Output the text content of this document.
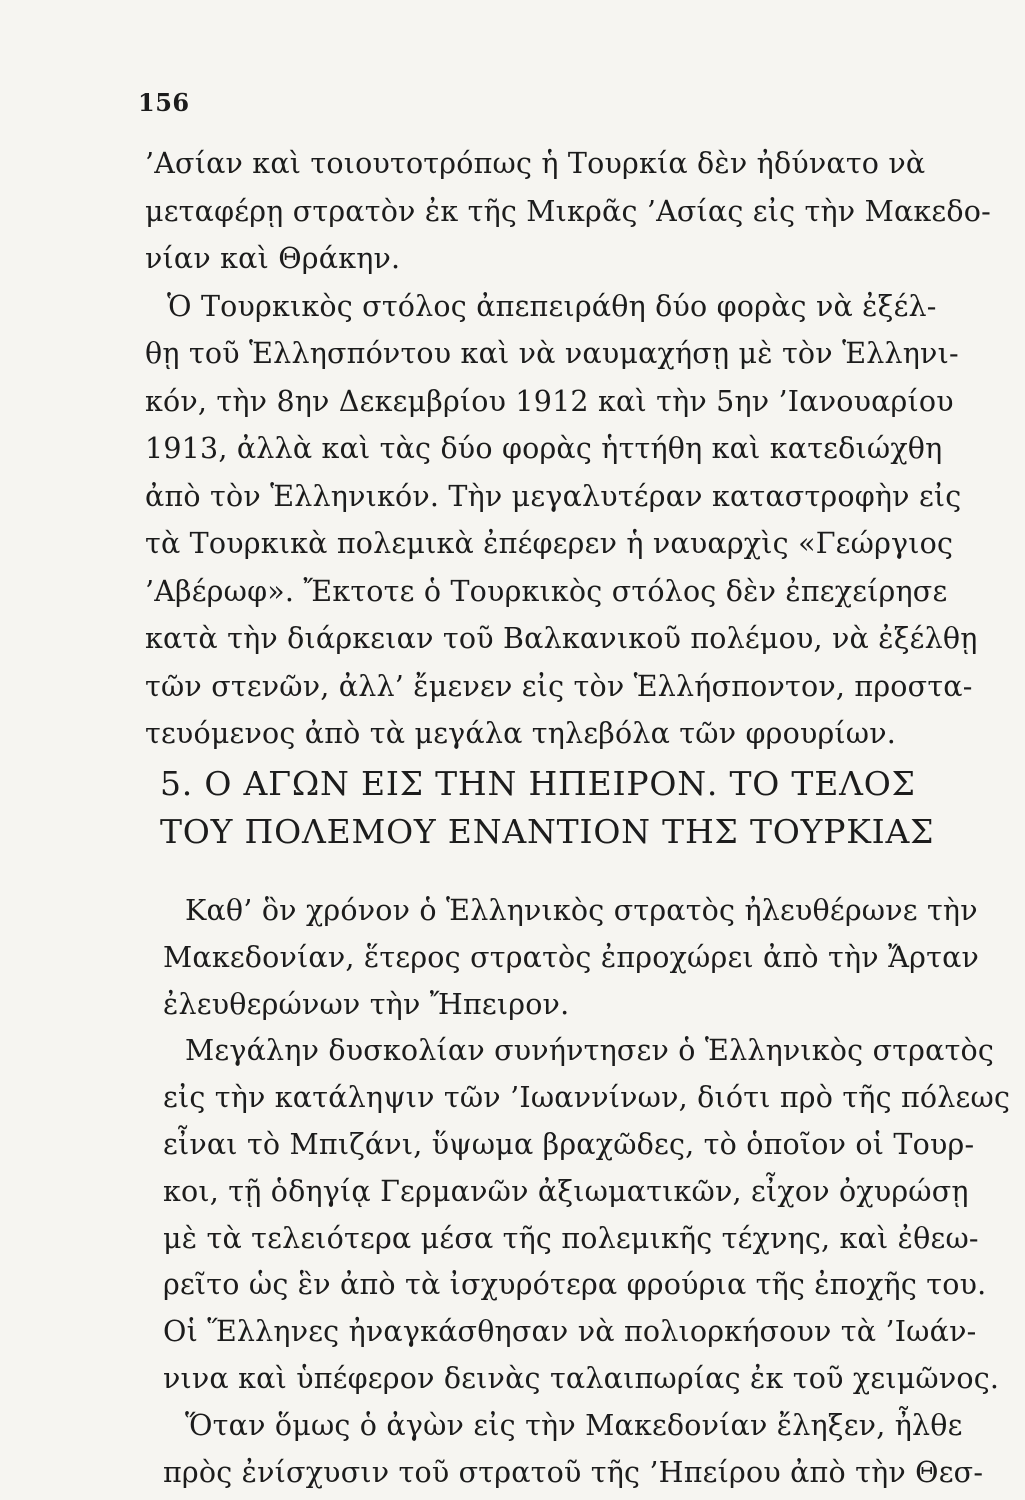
156
’Ασίαν καὶ τοιουτοτρόπως ἡ Τουρκία δὲν ἠδύνατο νὰ
μεταφέρῃ στρατὸν ἐκ τῆς Μικρᾶς ’Ασίας εἰς τὴν Μακεδο-
νίαν καὶ Θράκην.
Ὁ Τουρκικὸς στόλος ἀπεπειράθη δύο φορὰς νὰ ἐξέλ-
θῃ τοῦ Ἑλλησπόντου καὶ νὰ ναυμαχήσῃ μὲ τὸν Ἑλληνι-
κόν, τὴν 8ην Δεκεμβρίου 1912 καὶ τὴν 5ην ’Ιανουαρίου
1913, ἀλλὰ καὶ τὰς δύο φορὰς ἡττήθη καὶ κατεδιώχθη
ἀπὸ τὸν Ἑλληνικόν. Τὴν μεγαλυτέραν καταστροφὴν εἰς
τὰ Τουρκικὰ πολεμικὰ ἐπέφερεν ἡ ναυαρχὶς «Γεώργιος
’Αβέρωφ». Ἔκτοτε ὁ Τουρκικὸς στόλος δὲν ἐπεχείρησε
κατὰ τὴν διάρκειαν τοῦ Βαλκανικοῦ πολέμου, νὰ ἐξέλθῃ
τῶν στενῶν, ἀλλ’ ἔμενεν εἰς τὸν Ἑλλήσποντον, προστα-
τευόμενος ἀπὸ τὰ μεγάλα τηλεβόλα τῶν φρουρίων.
5. Ο ΑΓΩΝ ΕΙΣ ΤΗΝ ΗΠΕΙΡΟΝ. ΤΟ ΤΕΛΟΣ
ΤΟΥ ΠΟΛΕΜΟΥ ΕΝΑΝΤΙΟΝ ΤΗΣ ΤΟΥΡΚΙΑΣ
Καθ’ ὃν χρόνον ὁ Ἑλληνικὸς στρατὸς ἠλευθέρωνε τὴν
Μακεδονίαν, ἕτερος στρατὸς ἐπροχώρει ἀπὸ τὴν Ἄρταν
ἐλευθερώνων τὴν Ἤπειρον.
Μεγάλην δυσκολίαν συνήντησεν ὁ Ἑλληνικὸς στρατὸς
εἰς τὴν κατάληψιν τῶν ’Ιωαννίνων, διότι πρὸ τῆς πόλεως
εἶναι τὸ Μπιζάνι, ὕψωμα βραχῶδες, τὸ ὁποῖον οἱ Τουρ-
κοι, τῇ ὁδηγίᾳ Γερμανῶν ἀξιωματικῶν, εἶχον ὀχυρώσῃ
μὲ τὰ τελειότερα μέσα τῆς πολεμικῆς τέχνης, καὶ ἐθεω-
ρεῖτο ὡς ἓν ἀπὸ τὰ ἰσχυρότερα φρούρια τῆς ἐποχῆς του.
Οἱ Ἕλληνες ἠναγκάσθησαν νὰ πολιορκήσουν τὰ ’Ιωάν-
νινα καὶ ὑπέφερον δεινὰς ταλαιπωρίας ἐκ τοῦ χειμῶνος.
Ὅταν ὅμως ὁ ἀγὼν εἰς τὴν Μακεδονίαν ἔληξεν, ἦλθε
πρὸς ἐνίσχυσιν τοῦ στρατοῦ τῆς ’Ηπείρου ἀπὸ τὴν Θεσ-
